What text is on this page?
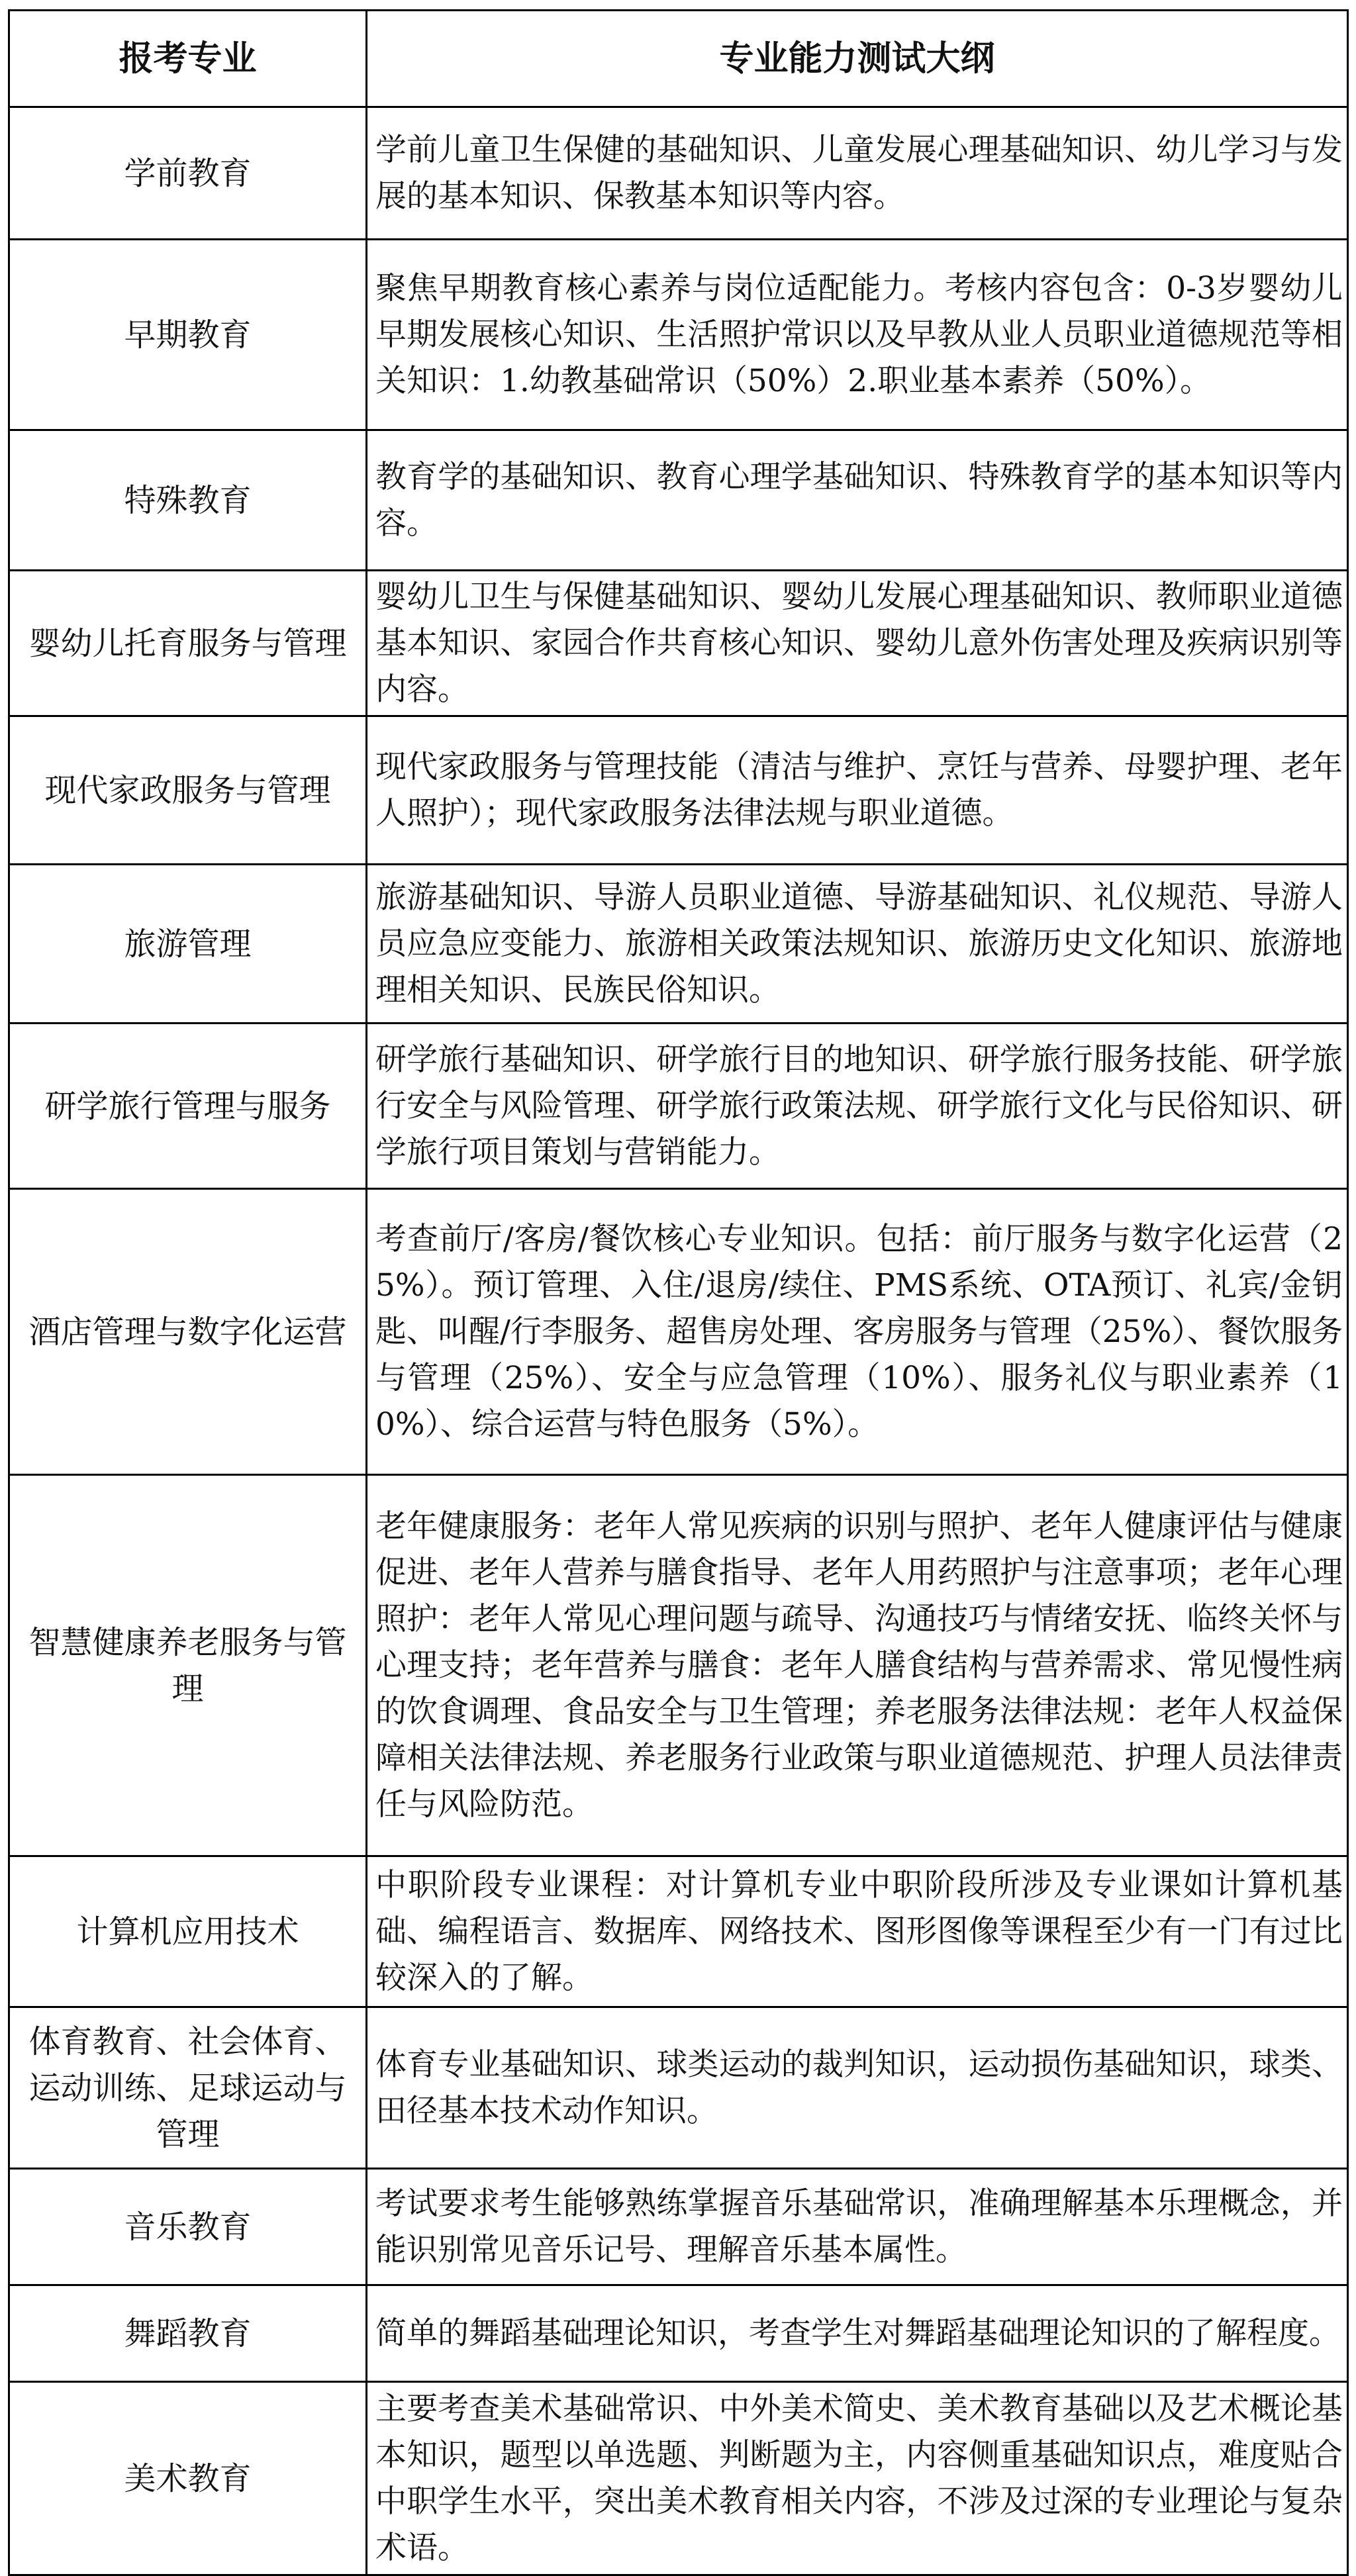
报考专业	专业能力测试大纲
学前教育	学前儿童卫生保健的基础知识、儿童发展心理基础知识、幼儿学习与发展的基本知识、保教基本知识等内容。
早期教育	聚焦早期教育核心素养与岗位适配能力。考核内容包含：0-3岁婴幼儿早期发展核心知识、生活照护常识以及早教从业人员职业道德规范等相关知识：1.幼教基础常识（50%）2.职业基本素养（50%）。
特殊教育	教育学的基础知识、教育心理学基础知识、特殊教育学的基本知识等内容。
婴幼儿托育服务与管理	婴幼儿卫生与保健基础知识、婴幼儿发展心理基础知识、教师职业道德基本知识、家园合作共育核心知识、婴幼儿意外伤害处理及疾病识别等内容。
现代家政服务与管理	现代家政服务与管理技能（清洁与维护、烹饪与营养、母婴护理、老年人照护）；现代家政服务法律法规与职业道德。
旅游管理	旅游基础知识、导游人员职业道德、导游基础知识、礼仪规范、导游人员应急应变能力、旅游相关政策法规知识、旅游历史文化知识、旅游地理相关知识、民族民俗知识。
研学旅行管理与服务	研学旅行基础知识、研学旅行目的地知识、研学旅行服务技能、研学旅行安全与风险管理、研学旅行政策法规、研学旅行文化与民俗知识、研学旅行项目策划与营销能力。
酒店管理与数字化运营	考查前厅/客房/餐饮核心专业知识。包括：前厅服务与数字化运营（25%）。预订管理、入住/退房/续住、PMS系统、OTA预订、礼宾/金钥匙、叫醒/行李服务、超售房处理、客房服务与管理（25%）、餐饮服务与管理（25%）、安全与应急管理（10%）、服务礼仪与职业素养（10%）、综合运营与特色服务（5%）。
智慧健康养老服务与管理	老年健康服务：老年人常见疾病的识别与照护、老年人健康评估与健康促进、老年人营养与膳食指导、老年人用药照护与注意事项；老年心理照护：老年人常见心理问题与疏导、沟通技巧与情绪安抚、临终关怀与心理支持；老年营养与膳食：老年人膳食结构与营养需求、常见慢性病的饮食调理、食品安全与卫生管理；养老服务法律法规：老年人权益保障相关法律法规、养老服务行业政策与职业道德规范、护理人员法律责任与风险防范。
计算机应用技术	中职阶段专业课程：对计算机专业中职阶段所涉及专业课如计算机基础、编程语言、数据库、网络技术、图形图像等课程至少有一门有过比较深入的了解。
体育教育、社会体育、运动训练、足球运动与管理	体育专业基础知识、球类运动的裁判知识，运动损伤基础知识，球类、田径基本技术动作知识。
音乐教育	考试要求考生能够熟练掌握音乐基础常识，准确理解基本乐理概念，并能识别常见音乐记号、理解音乐基本属性。
舞蹈教育	简单的舞蹈基础理论知识，考查学生对舞蹈基础理论知识的了解程度。
美术教育	主要考查美术基础常识、中外美术简史、美术教育基础以及艺术概论基本知识，题型以单选题、判断题为主，内容侧重基础知识点，难度贴合中职学生水平，突出美术教育相关内容，不涉及过深的专业理论与复杂术语。
